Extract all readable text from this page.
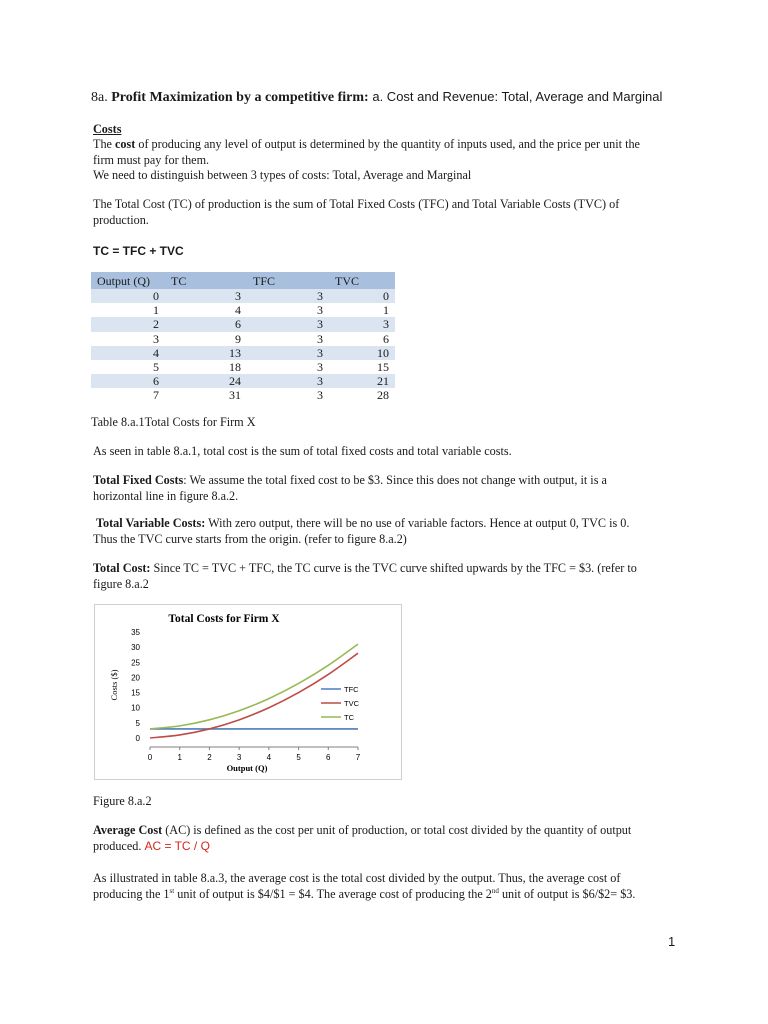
8a. Profit Maximization by a competitive firm: a. Cost and Revenue: Total, Average and Marginal
Costs
The cost of producing any level of output is determined by the quantity of inputs used, and the price per unit the
firm must pay for them.
We need to distinguish between 3 types of costs: Total, Average and Marginal
The Total Cost (TC) of production is the sum of Total Fixed Costs (TFC) and Total Variable Costs (TVC) of
production.
TC = TFC + TVC
Output (Q)	TC	TFC	TVC
0	3	3	0
1	4	3	1
2	6	3	3
3	9	3	6
4	13	3	10
5	18	3	15
6	24	3	21
7	31	3	28
Table 8.a.1Total Costs for Firm X
As seen in table 8.a.1, total cost is the sum of total fixed costs and total variable costs.
Total Fixed Costs: We assume the total fixed cost to be $3. Since this does not change with output, it is a
horizontal line in figure 8.a.2.
Total Variable Costs: With zero output, there will be no use of variable factors. Hence at output 0, TVC is 0.
Thus the TVC curve starts from the origin. (refer to figure 8.a.2)
Total Cost: Since TC = TVC + TFC, the TC curve is the TVC curve shifted upwards by the TFC = $3. (refer to
figure 8.a.2
Total Costs for Firm X
0
5
10
15
20
25
30
35
0	1	2	3	4	5	6	7
Output (Q)
Costs ($)	TFC
TVC
TC
Figure 8.a.2
Average Cost (AC) is defined as the cost per unit of production, or total cost divided by the quantity of output
produced. AC = TC / Q
As illustrated in table 8.a.3, the average cost is the total cost divided by the output. Thus, the average cost of
producing the 1st unit of output is $4/$1 = $4. The average cost of producing the 2nd unit of output is $6/$2= $3.
1
